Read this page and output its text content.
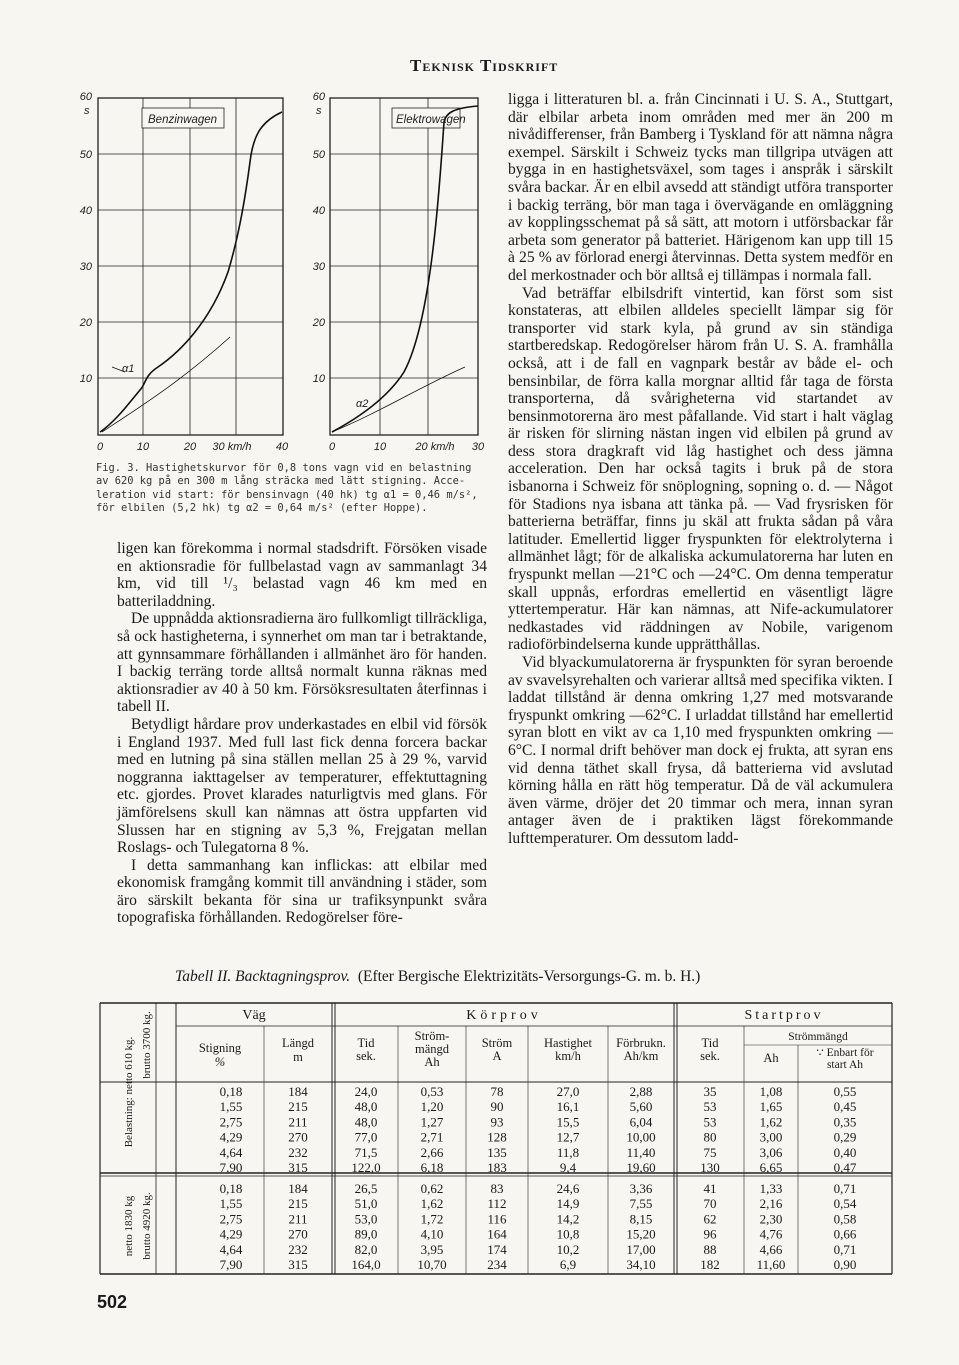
Teknisk Tidskrift
Benzinwagen
α1
60
50
40
30
20
10
s
0	10	20 30 km/h 40
Elektrowagen
α2
60
50
40
30
20
10
s
0	10	20 km/h 30

Fig. 3. Hastighetskurvor för 0,8 tons vagn vid en belastning

av 620 kg på en 300 m lång sträcka med lätt stigning. Acce-

leration vid start: för bensinvagn (40 hk) tg α1 = 0,46 m/s²,

för elbilen (5,2 hk) tg α2 = 0,64 m/s² (efter Hoppe).

ligen kan förekomma i normal stadsdrift. Försöken visade en aktionsradie för fullbelastad vagn av sammanlagt 34 km, vid till ¹/₃ belastad vagn 46 km med en batteriladdning.

De uppnådda aktionsradierna äro fullkomligt tillräckliga, så ock hastigheterna, i synnerhet om man tar i betraktande, att gynnsammare förhållanden i allmänhet äro för handen. I backig terräng torde alltså normalt kunna räknas med aktionsradier av 40 à 50 km. Försöksresultaten återfinnas i tabell II.

Betydligt hårdare prov underkastades en elbil vid försök i England 1937. Med full last fick denna forcera backar med en lutning på sina ställen mellan 25 à 29 %, varvid noggranna iakttagelser av temperaturer, effektuttagning etc. gjordes. Provet klarades naturligtvis med glans. För jämförelsens skull kan nämnas att östra uppfarten vid Slussen har en stigning av 5,3 %, Frejgatan mellan Roslags- och Tulegatorna 8 %.

I detta sammanhang kan inflickas: att elbilar med ekonomisk framgång kommit till användning i städer, som äro särskilt bekanta för sina ur trafiksynpunkt svåra topografiska förhållanden. Redogörelser före-

ligga i litteraturen bl. a. från Cincinnati i U. S. A., Stuttgart, där elbilar arbeta inom områden med mer än 200 m nivådifferenser, från Bamberg i Tyskland för att nämna några exempel. Särskilt i Schweiz tycks man tillgripa utvägen att bygga in en hastighetsväxel, som tages i anspråk i särskilt svåra backar. Är en elbil avsedd att ständigt utföra transporter i backig terräng, bör man taga i övervägande en omläggning av kopplingsschemat på så sätt, att motorn i utförsbackar får arbeta som generator på batteriet. Härigenom kan upp till 15 à 25 % av förlorad energi återvinnas. Detta system medför en del merkostnader och bör alltså ej tillämpas i normala fall.

Vad beträffar elbilsdrift vintertid, kan först som sist konstateras, att elbilen alldeles speciellt lämpar sig för transporter vid stark kyla, på grund av sin ständiga startberedskap. Redogörelser härom från U. S. A. framhålla också, att i de fall en vagnpark består av både el- och bensinbilar, de förra kalla morgnar alltid får taga de första transporterna, då svårigheterna vid startandet av bensinmotorerna äro mest påfallande. Vid start i halt väglag är risken för slirning nästan ingen vid elbilen på grund av dess stora dragkraft vid låg hastighet och dess jämna acceleration. Den har också tagits i bruk på de stora isbanorna i Schweiz för snöplogning, sopning o. d. — Något för Stadions nya isbana att tänka på. — Vad frysrisken för batterierna beträffar, finns ju skäl att frukta sådan på våra latituder. Emellertid ligger fryspunkten för elektrolyterna i allmänhet lågt; för de alkaliska ackumulatorerna har luten en fryspunkt mellan —21°C och —24°C. Om denna temperatur skall uppnås, erfordras emellertid en väsentligt lägre yttertemperatur. Här kan nämnas, att Nife-ackumulatorer nedkastades vid räddningen av Nobile, varigenom radioförbindelserna kunde upprätthållas.

Vid blyackumulatorerna är fryspunkten för syran beroende av svavelsyrehalten och varierar alltså med specifika vikten. I laddat tillstånd är denna omkring 1,27 med motsvarande fryspunkt omkring —62°C. I urladdat tillstånd har emellertid syran blott en vikt av ca 1,10 med fryspunkten omkring —6°C. I normal drift behöver man dock ej frukta, att syran ens vid denna täthet skall frysa, då batterierna vid avslutad körning hålla en rätt hög temperatur. Då de väl ackumulera även värme, dröjer det 20 timmar och mera, innan syran antager även de i praktiken lägst förekommande lufttemperaturer. Om dessutom ladd-

Tabell II. Backtagningsprov. (Efter Bergische Elektrizitäts-Versorgungs-G. m. b. H.)
Väg	Körprov	Startprov
Stigning
%
Längd
m
Tid
sek.
Ström-
mängd
Ah
Ström
A
Hastighet
km/h
Förbrukn.
Ah/km
Tid
sek.
Strömmängd
Ah	∵ Enbart för
start Ah
Belastning: netto 610 kg. brutto 3700 kg.
netto 1830 kg brutto 4920 kg.
0,18	184	24,0	0,53	78	27,0	2,88	35	1,08	0,55
1,55	215	48,0	1,20	90	16,1	5,60	53	1,65	0,45
2,75	211	48,0	1,27	93	15,5	6,04	53	1,62	0,35
4,29	270	77,0	2,71	128	12,7	10,00	80	3,00	0,29
4,64	232	71,5	2,66	135	11,8	11,40	75	3,06	0,40
7,90	315	122,0	6,18	183	9,4	19,60	130	6,65	0,47
0,18	184	26,5	0,62	83	24,6	3,36	41	1,33	0,71
1,55	215	51,0	1,62	112	14,9	7,55	70	2,16	0,54
2,75	211	53,0	1,72	116	14,2	8,15	62	2,30	0,58
4,29	270	89,0	4,10	164	10,8	15,20	96	4,76	0,66
4,64	232	82,0	3,95	174	10,2	17,00	88	4,66	0,71
7,90	315	164,0	10,70	234	6,9	34,10	182	11,60	0,90
502
